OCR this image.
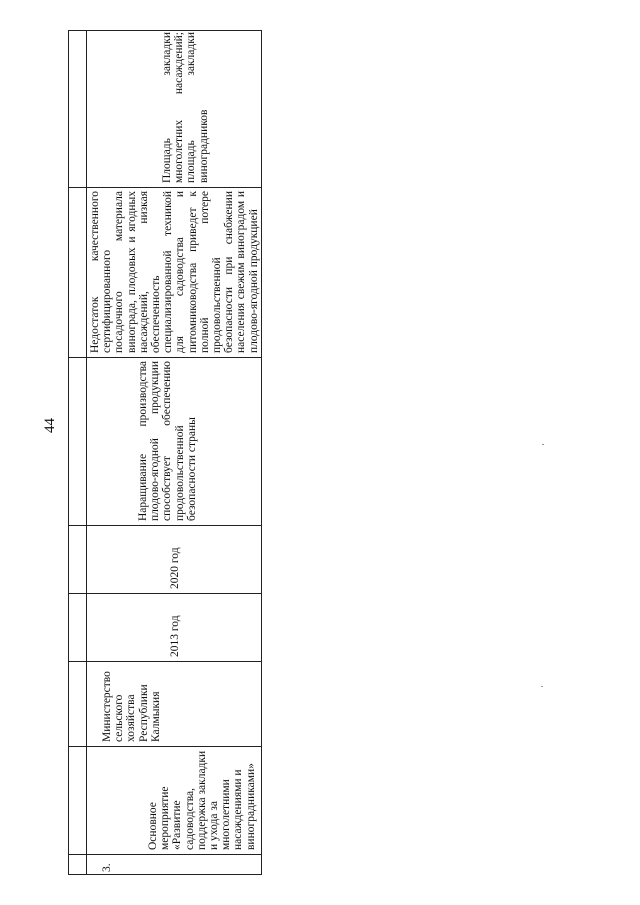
44
3.
Основное мероприятие «Развитие садоводства, поддержка закладки и ухода за многолетними насаждениями и виноградниками»
Министерство сельского хозяйства Республики Калмыкия
2013 год
2020 год
Наращивание производства плодово-ягодной продукции способствует обеспечению продовольственной безопасности страны
Недостаток качественного сертифицированного посадочного материала винограда, плодовых и ягодных насаждений, низкая обеспеченность специализированной техникой для садоводства и питомниководства приведет к полной потере продовольственной безопасности при снабжении населения свежим виноградом и плодово-ягодной продукцией
Площадь закладки многолетних насаждений; площадь закладки виноградников
